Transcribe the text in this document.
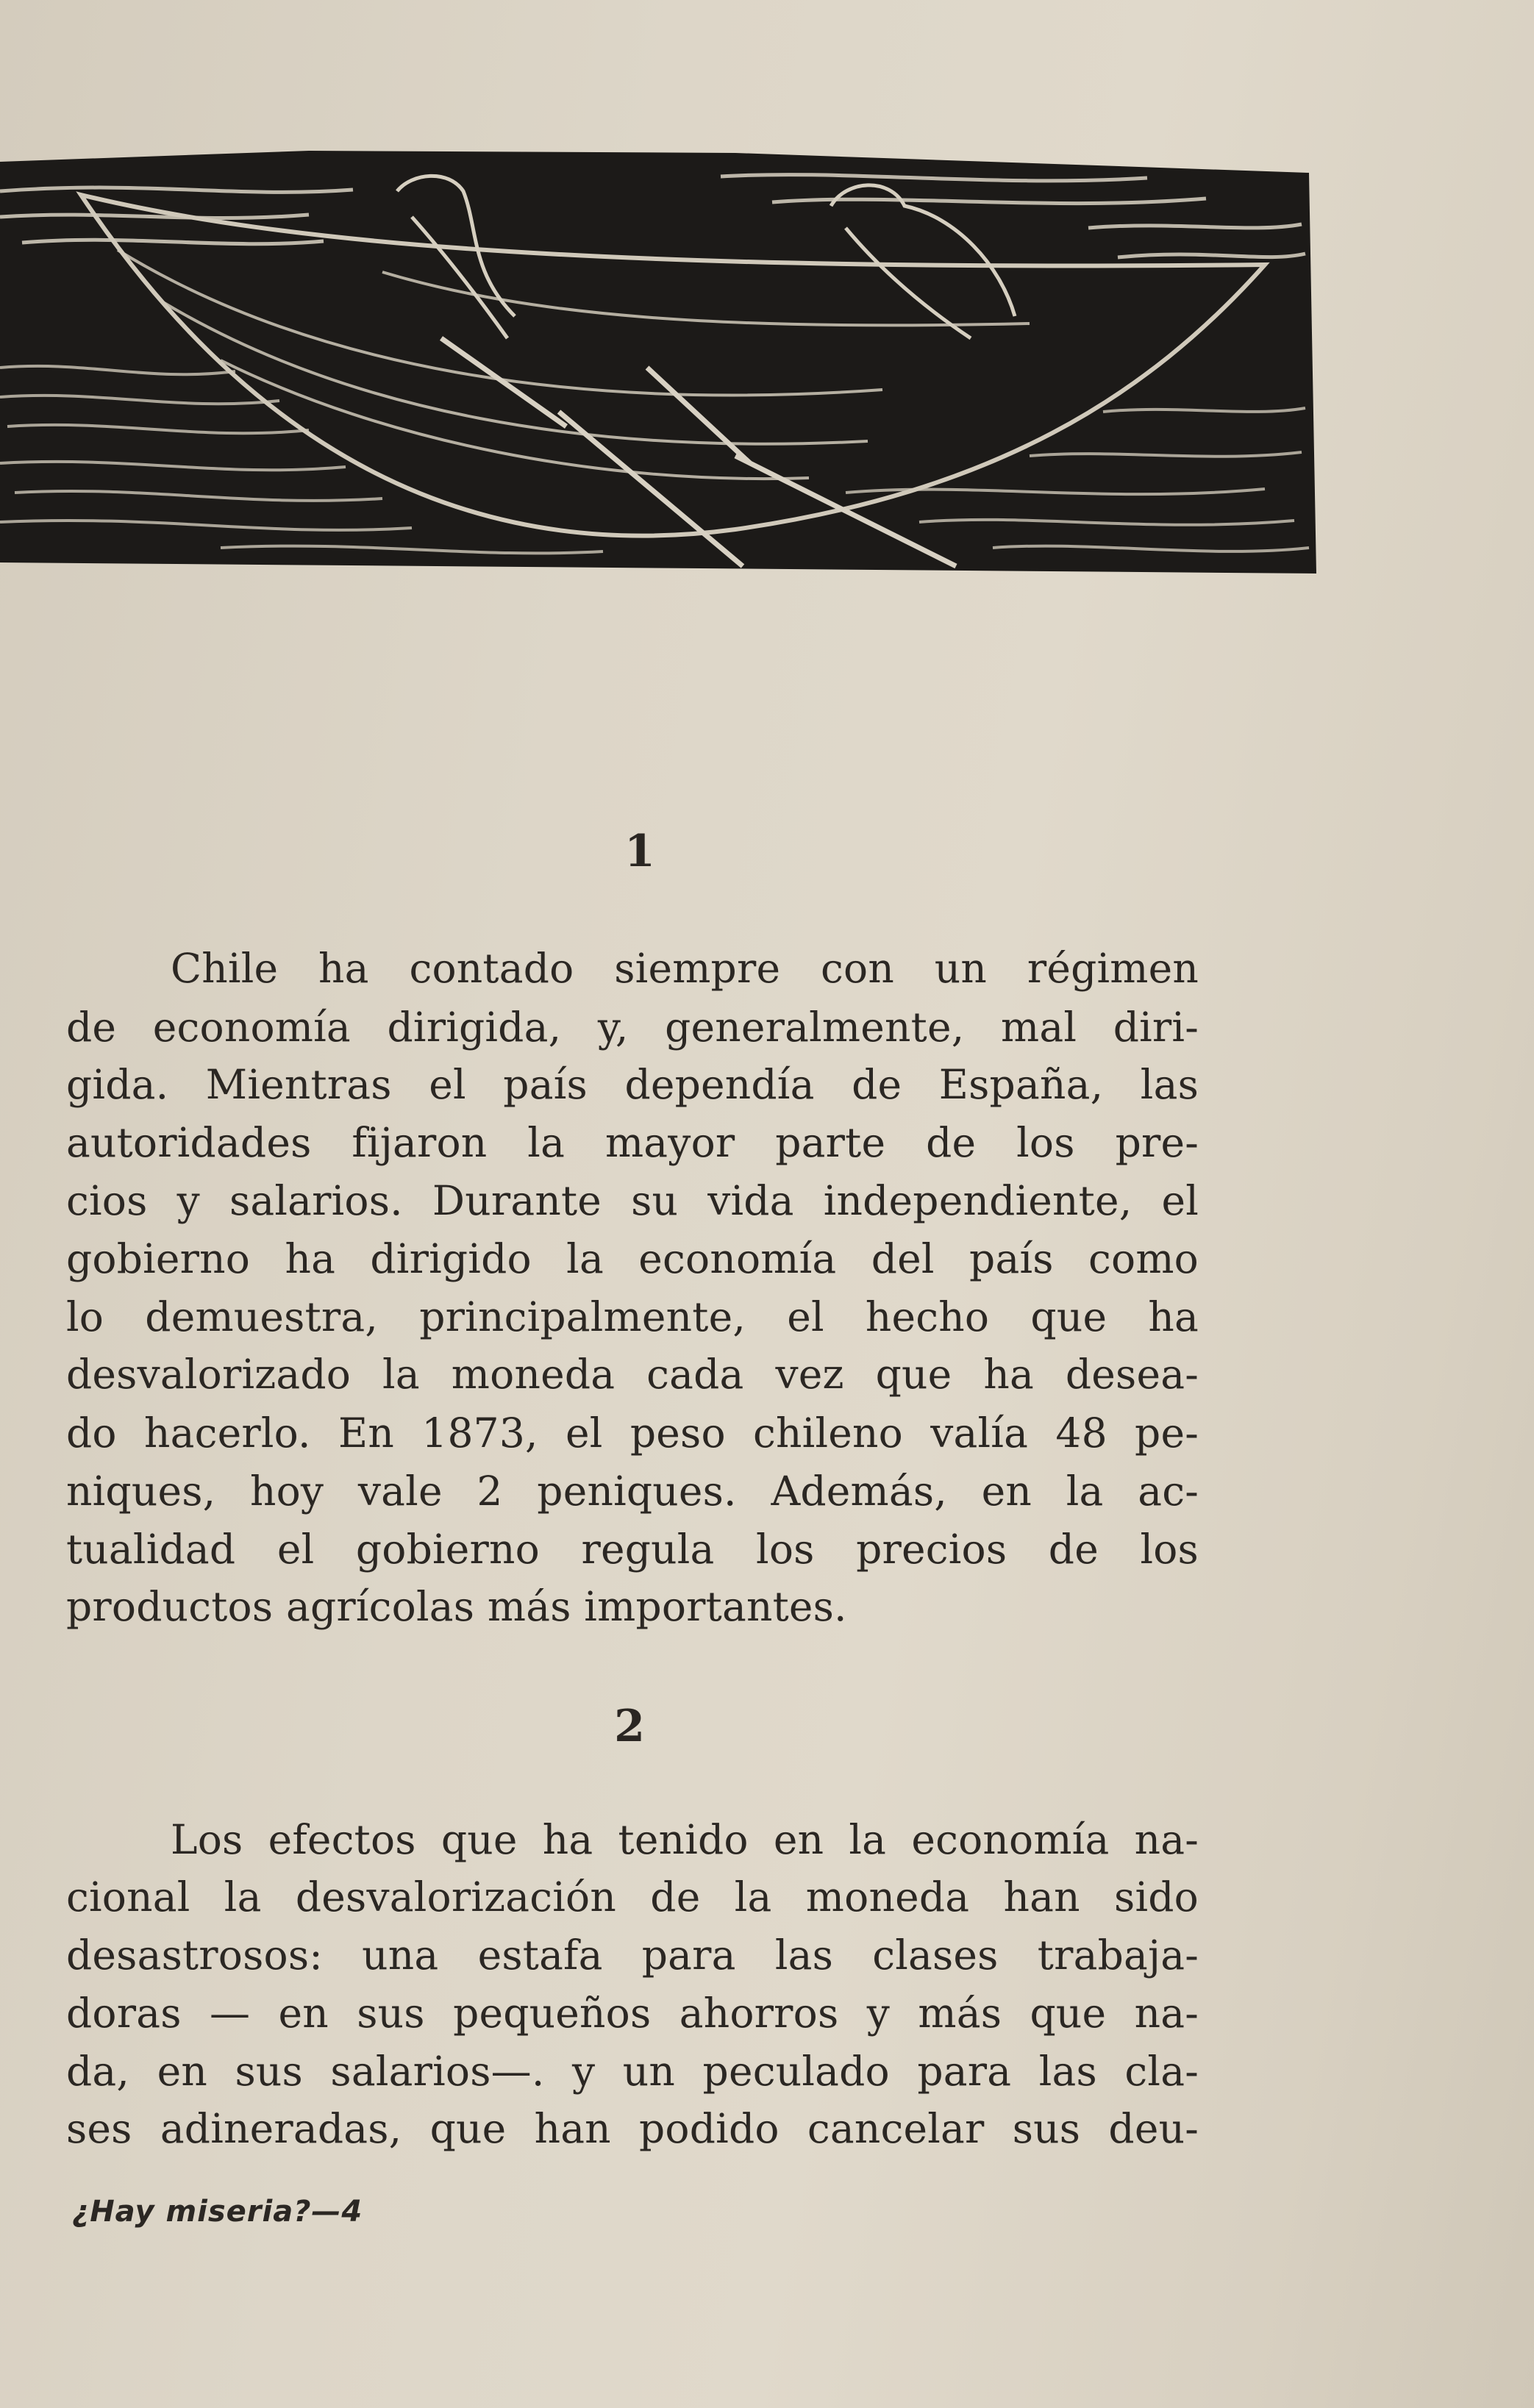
1
Chile ha contado siempre con un régimen
de economía dirigida, y, generalmente, mal diri-
gida. Mientras el país dependía de España, las
autoridades fijaron la mayor parte de los pre-
cios y salarios. Durante su vida independiente, el
gobierno ha dirigido la economía del país como
lo demuestra, principalmente, el hecho que ha
desvalorizado la moneda cada vez que ha desea-
do hacerlo. En 1873, el peso chileno valía 48 pe-
niques, hoy vale 2 peniques. Además, en la ac-
tualidad el gobierno regula los precios de los
productos agrícolas más importantes.
2
Los efectos que ha tenido en la economía na-
cional la desvalorización de la moneda han sido
desastrosos: una estafa para las clases trabaja-
doras — en sus pequeños ahorros y más que na-
da, en sus salarios—. y un peculado para las cla-
ses adineradas, que han podido cancelar sus deu-
¿Hay miseria?—4
